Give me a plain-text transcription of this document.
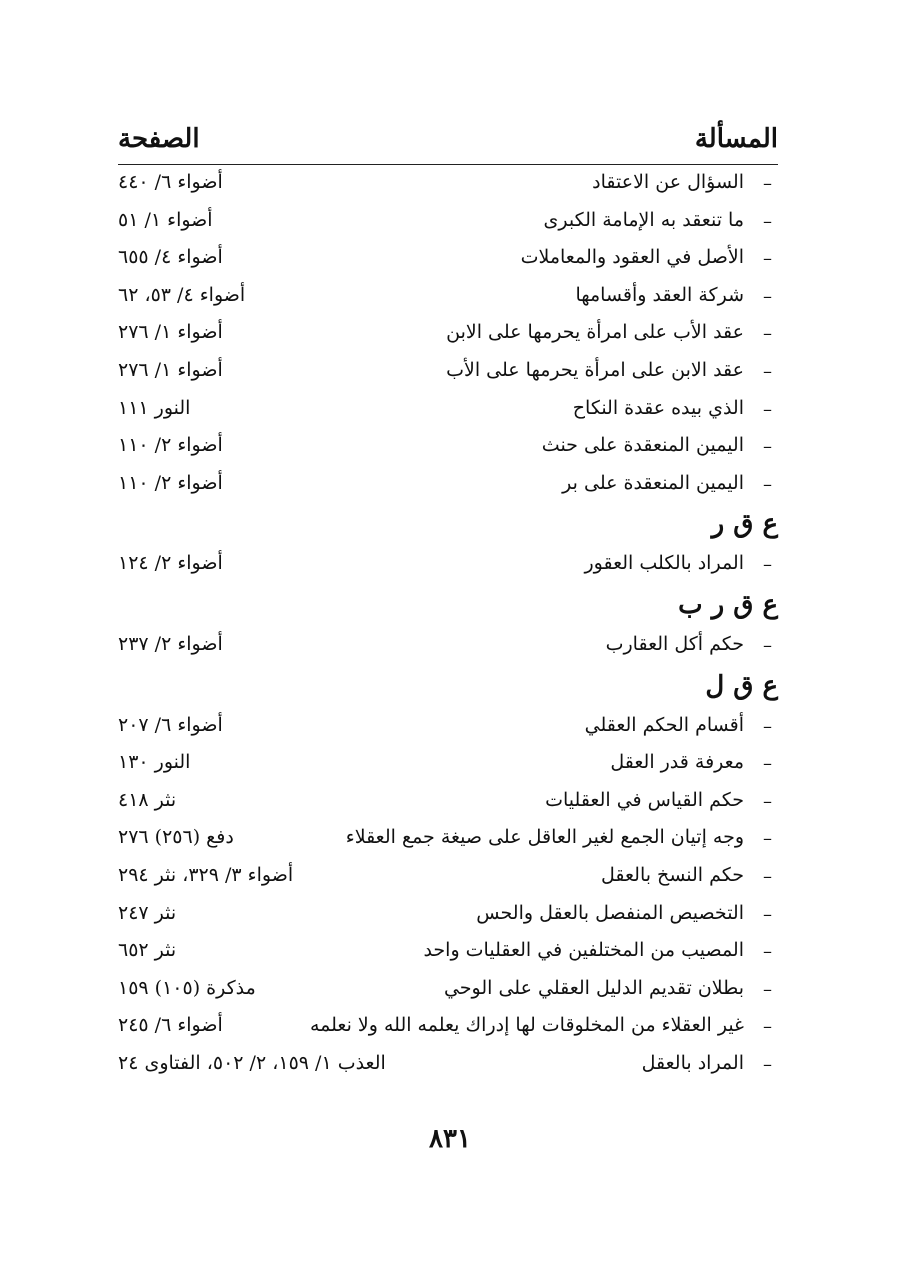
المسألة
الصفحة
–
السؤال عن الاعتقاد
أضواء ٦/ ٤٤٠
–
ما تنعقد به الإمامة الكبرى
أضواء ١/ ٥١
–
الأصل في العقود والمعاملات
أضواء ٤/ ٦٥٥
–
شركة العقد وأقسامها
أضواء ٤/ ٥٣، ٦٢
–
عقد الأب على امرأة يحرمها على الابن
أضواء ١/ ٢٧٦
–
عقد الابن على امرأة يحرمها على الأب
أضواء ١/ ٢٧٦
–
الذي بيده عقدة النكاح
النور ١١١
–
اليمين المنعقدة على حنث
أضواء ٢/ ١١٠
–
اليمين المنعقدة على بر
أضواء ٢/ ١١٠
ع ق ر
–
المراد بالكلب العقور
أضواء ٢/ ١٢٤
ع ق ر ب
–
حكم أكل العقارب
أضواء ٢/ ٢٣٧
ع ق ل
–
أقسام الحكم العقلي
أضواء ٦/ ٢٠٧
–
معرفة قدر العقل
النور ١٣٠
–
حكم القياس في العقليات
نثر ٤١٨
–
وجه إتيان الجمع لغير العاقل على صيغة جمع العقلاء
دفع (٢٥٦) ٢٧٦
–
حكم النسخ بالعقل
أضواء ٣/ ٣٢٩، نثر ٢٩٤
–
التخصيص المنفصل بالعقل والحس
نثر ٢٤٧
–
المصيب من المختلفين في العقليات واحد
نثر ٦٥٢
–
بطلان تقديم الدليل العقلي على الوحي
مذكرة (١٠٥) ١٥٩
–
غير العقلاء من المخلوقات لها إدراك يعلمه الله ولا نعلمه
أضواء ٦/ ٢٤٥
–
المراد بالعقل
العذب ١/ ١٥٩، ٢/ ٥٠٢، الفتاوى ٢٤
٨٣١
